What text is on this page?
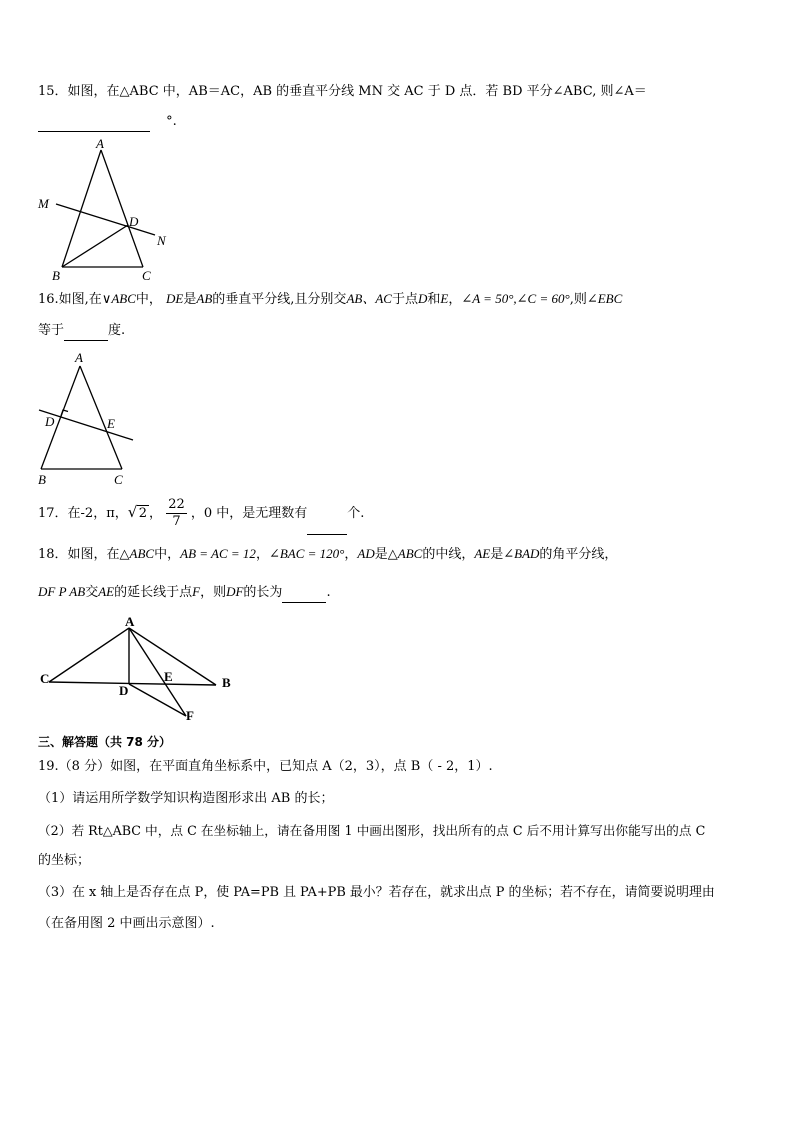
15．如图，在△ABC 中，AB＝AC，AB 的垂直平分线 MN 交 AC 于 D 点．若 BD 平分∠ABC, 则∠A＝
°.
A
M
D
N
B	C
16.如图,在∨ABC中， DE是AB的垂直平分线,且分别交AB、AC于点D和E，∠A = 50°,∠C = 60°,则∠EBC
等于	度.
A
D	E
B	C
17．在-2，π， √ 2 ， $\frac{22}{7}$ ，0 中，是无理数有	个.
18．如图，在△ABC中，AB = AC = 12，∠BAC = 120°，AD是△ABC的中线，AE是∠BAD的角平分线，
DF P AB交AE的延长线于点F，则DF的长为	.
A
C
D
E	B
F
三、解答题（共 78 分）
19.（8 分）如图，在平面直角坐标系中，已知点 A（2，3），点 B（ - 2，1）.
（1）请运用所学数学知识构造图形求出 AB 的长；
（2）若 Rt△ABC 中，点 C 在坐标轴上，请在备用图 1 中画出图形，找出所有的点 C 后不用计算写出你能写出的点 C
的坐标；
（3）在 x 轴上是否存在点 P，使 PA=PB 且 PA+PB 最小？若存在，就求出点 P 的坐标；若不存在，请简要说明理由
（在备用图 2 中画出示意图）.
